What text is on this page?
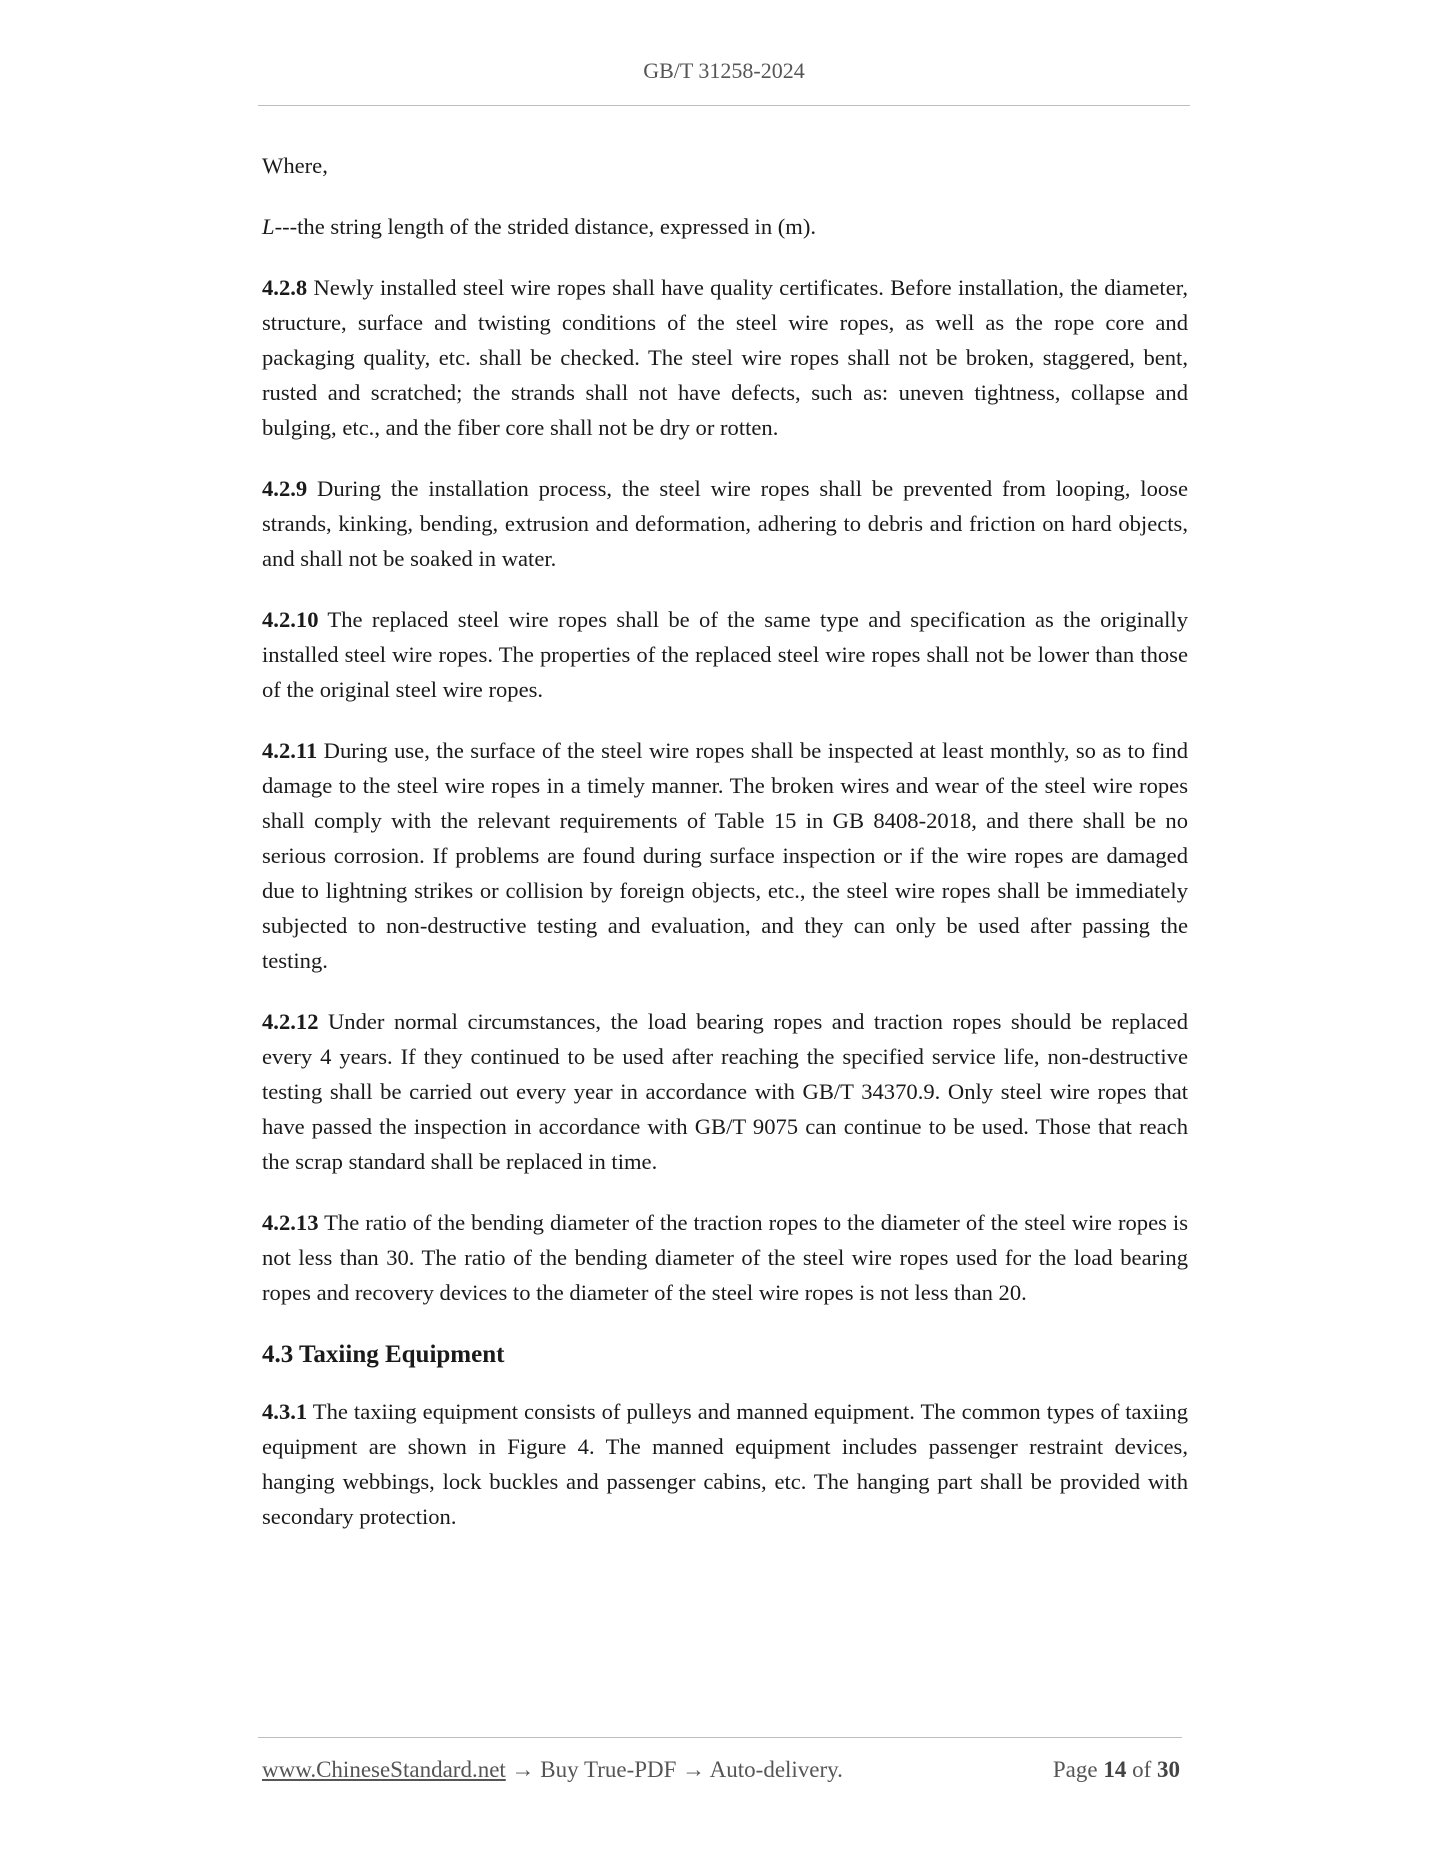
GB/T 31258-2024

Where,

L---the string length of the strided distance, expressed in (m).

4.2.8 Newly installed steel wire ropes shall have quality certificates. Before installation, the diameter, structure, surface and twisting conditions of the steel wire ropes, as well as the rope core and packaging quality, etc. shall be checked. The steel wire ropes shall not be broken, staggered, bent, rusted and scratched; the strands shall not have defects, such as: uneven tightness, collapse and bulging, etc., and the fiber core shall not be dry or rotten.

4.2.9 During the installation process, the steel wire ropes shall be prevented from looping, loose strands, kinking, bending, extrusion and deformation, adhering to debris and friction on hard objects, and shall not be soaked in water.

4.2.10 The replaced steel wire ropes shall be of the same type and specification as the originally installed steel wire ropes. The properties of the replaced steel wire ropes shall not be lower than those of the original steel wire ropes.

4.2.11 During use, the surface of the steel wire ropes shall be inspected at least monthly, so as to find damage to the steel wire ropes in a timely manner. The broken wires and wear of the steel wire ropes shall comply with the relevant requirements of Table 15 in GB 8408-2018, and there shall be no serious corrosion. If problems are found during surface inspection or if the wire ropes are damaged due to lightning strikes or collision by foreign objects, etc., the steel wire ropes shall be immediately subjected to non-destructive testing and evaluation, and they can only be used after passing the testing.

4.2.12 Under normal circumstances, the load bearing ropes and traction ropes should be replaced every 4 years. If they continued to be used after reaching the specified service life, non-destructive testing shall be carried out every year in accordance with GB/T 34370.9. Only steel wire ropes that have passed the inspection in accordance with GB/T 9075 can continue to be used. Those that reach the scrap standard shall be replaced in time.

4.2.13 The ratio of the bending diameter of the traction ropes to the diameter of the steel wire ropes is not less than 30. The ratio of the bending diameter of the steel wire ropes used for the load bearing ropes and recovery devices to the diameter of the steel wire ropes is not less than 20.

4.3 Taxiing Equipment

4.3.1 The taxiing equipment consists of pulleys and manned equipment. The common types of taxiing equipment are shown in Figure 4. The manned equipment includes passenger restraint devices, hanging webbings, lock buckles and passenger cabins, etc. The hanging part shall be provided with secondary protection.

www.ChineseStandard.net → Buy True-PDF → Auto-delivery.	Page 14 of 30
